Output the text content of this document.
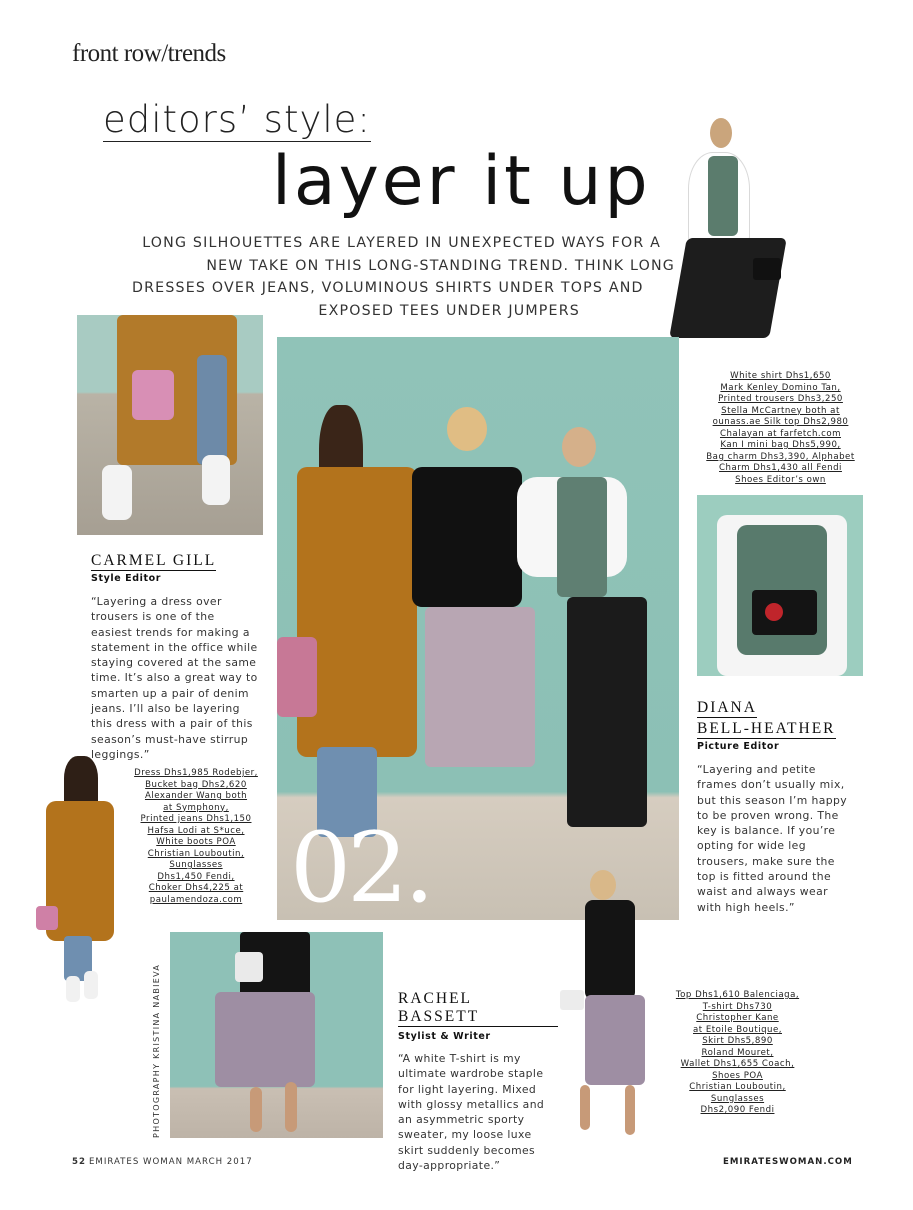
front row/trends
editors’ style:
layer it up
LONG SILHOUETTES ARE LAYERED IN UNEXPECTED WAYS FOR A
NEW TAKE ON THIS LONG-STANDING TREND. THINK LONG
DRESSES OVER JEANS, VOLUMINOUS SHIRTS UNDER TOPS AND
EXPOSED TEES UNDER JUMPERS
02.
PHOTOGRAPHY KRISTINA NABIEVA
CARMEL GILL
Style Editor
“Layering a dress over trousers is one of the easiest trends for making a statement in the office while staying covered at the same time. It’s also a great way to smarten up a pair of denim jeans. I’ll also be layering this dress with a pair of this season’s must-have stirrup leggings.”
Dress Dhs1,985 Rodebjer,
Bucket bag Dhs2,620
Alexander Wang both
at Symphony,
Printed jeans Dhs1,150
Hafsa Lodi at S*uce,
White boots POA
Christian Louboutin,
Sunglasses
Dhs1,450 Fendi,
Choker Dhs4,225 at
paulamendoza.com
White shirt Dhs1,650
Mark Kenley Domino Tan,
Printed trousers Dhs3,250
Stella McCartney both at
ounass.ae Silk top Dhs2,980
Chalayan at farfetch.com
Kan I mini bag Dhs5,990,
Bag charm Dhs3,390, Alphabet
Charm Dhs1,430 all Fendi
Shoes Editor’s own
DIANA BELL-HEATHER
Picture Editor
“Layering and petite frames don’t usually mix, but this season I’m happy to be proven wrong. The key is balance. If you’re opting for wide leg trousers, make sure the top is fitted around the waist and always wear with high heels.”
RACHEL BASSETT
Stylist & Writer
“A white T-shirt is my ultimate wardrobe staple for light layering. Mixed with glossy metallics and an asymmetric sporty sweater, my loose luxe skirt suddenly becomes day-appropriate.”
Top Dhs1,610 Balenciaga,
T-shirt Dhs730
Christopher Kane
at Etoile Boutique,
Skirt Dhs5,890
Roland Mouret,
Wallet Dhs1,655 Coach,
Shoes POA
Christian Louboutin,
Sunglasses
Dhs2,090 Fendi
52 EMIRATES WOMAN MARCH 2017	EMIRATESWOMAN.COM
